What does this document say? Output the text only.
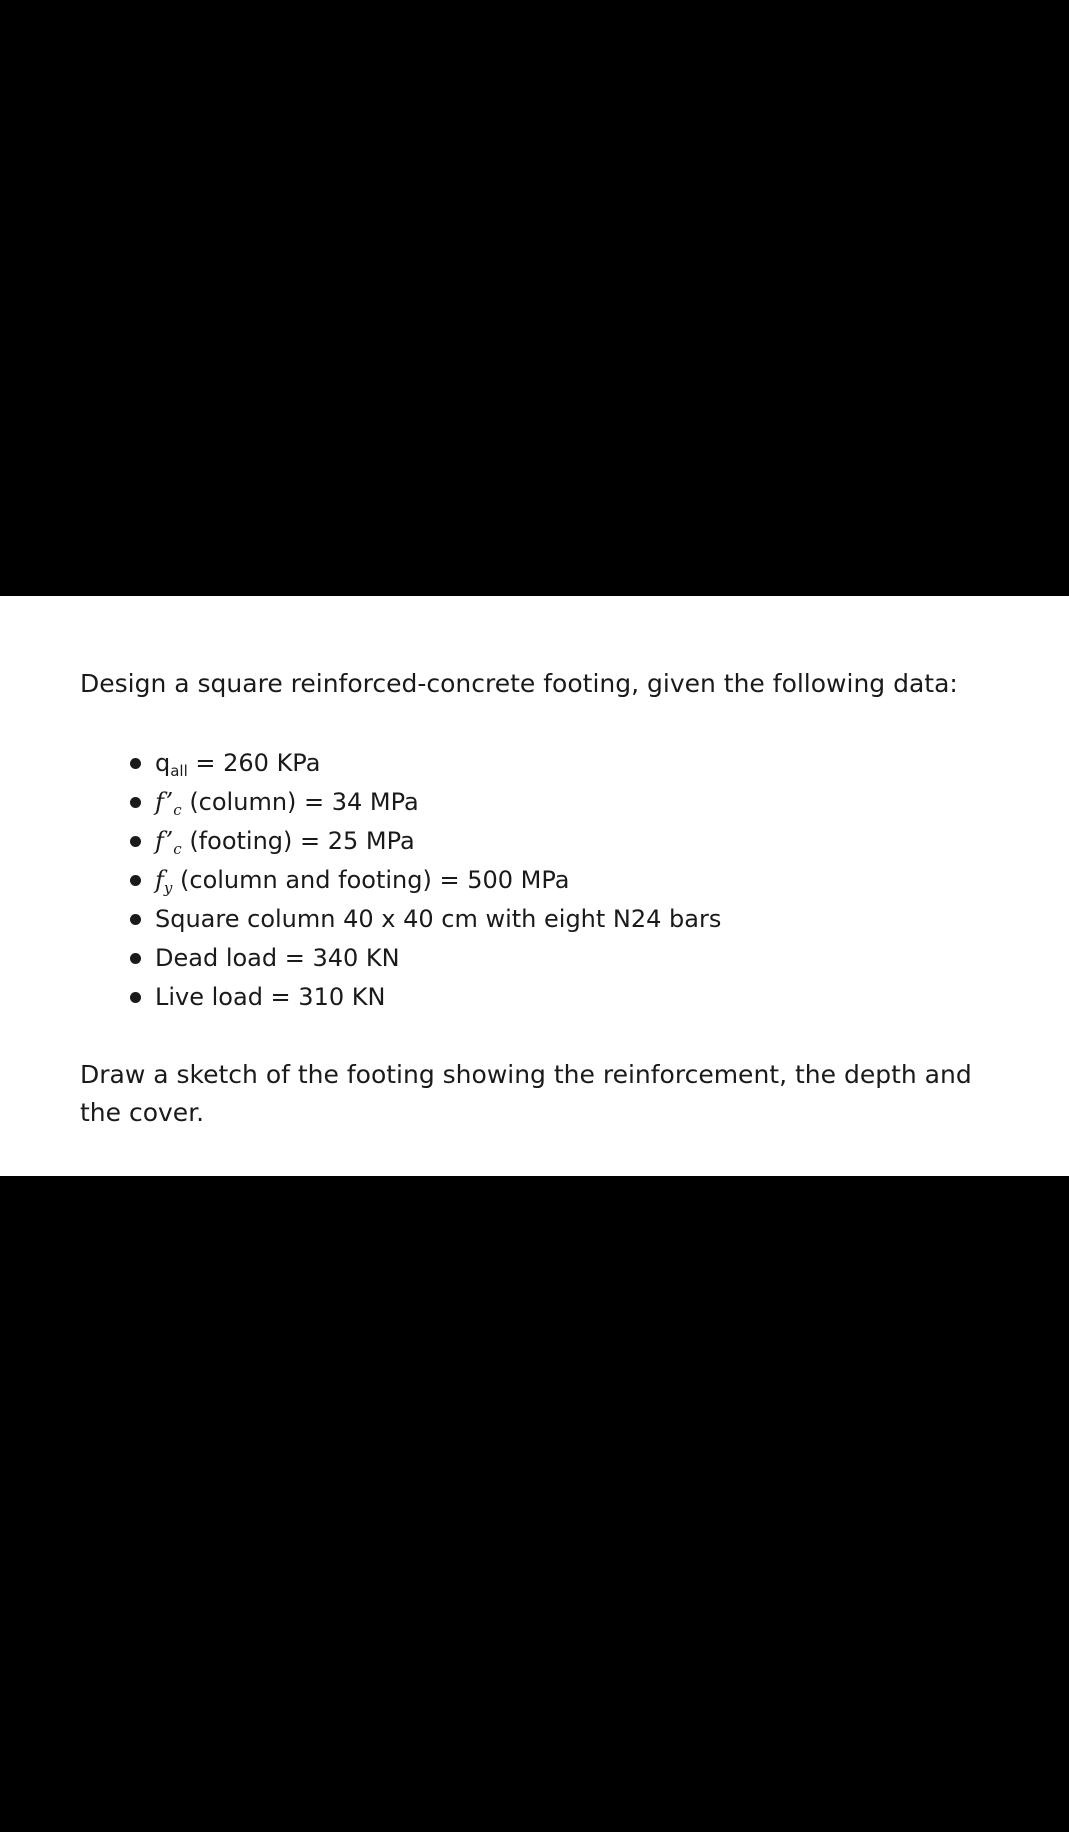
Design a square reinforced-concrete footing, given the following data:

$q_{all} = 260$ KPa
$f’_c$ (column) = 34 MPa
$f’_c$ (footing) = 25 MPa
$f_y$ (column and footing) = 500 MPa
Square column 40 x 40 cm with eight N24 bars
Dead load = 340 KN
Live load = 310 KN

Draw a sketch of the footing showing the reinforcement, the depth and the cover.
